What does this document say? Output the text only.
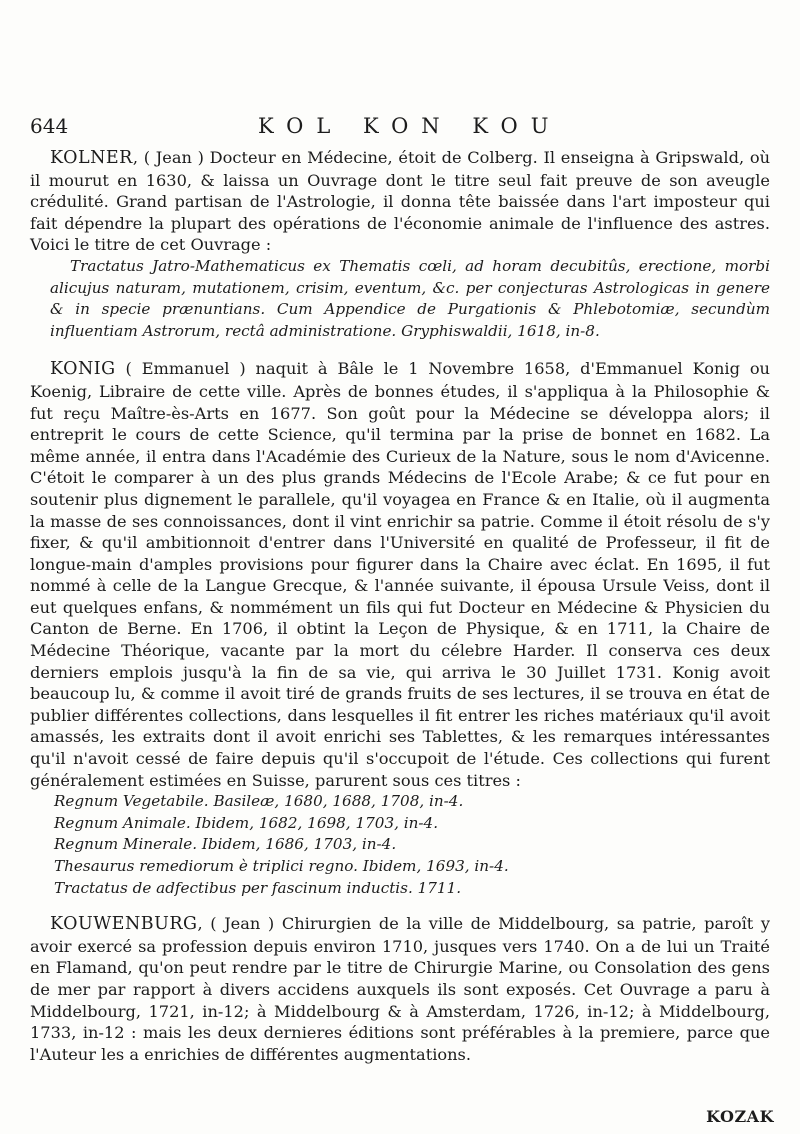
644	KOL KON KOU

KOLNER, ( Jean ) Docteur en Médecine, étoit de Colberg. Il enseigna à Gripswald, où il mourut en 1630, & laissa un Ouvrage dont le titre seul fait preuve de son aveugle crédulité. Grand partisan de l'Astrologie, il donna tête baissée dans l'art imposteur qui fait dépendre la plupart des opérations de l'économie animale de l'influence des astres. Voici le titre de cet Ouvrage :

Tractatus Jatro-Mathematicus ex Thematis cœli, ad horam decubitûs, erectione, morbi alicujus naturam, mutationem, crisim, eventum, &c. per conjecturas Astrologicas in genere & in specie prænuntians. Cum Appendice de Purgationis & Phlebotomiæ, secundùm influentiam Astrorum, rectâ administratione. Gryphiswaldii, 1618, in-8.

KONIG ( Emmanuel ) naquit à Bâle le 1 Novembre 1658, d'Emmanuel Konig ou Koenig, Libraire de cette ville. Après de bonnes études, il s'appliqua à la Philosophie & fut reçu Maître-ès-Arts en 1677. Son goût pour la Médecine se développa alors; il entreprit le cours de cette Science, qu'il termina par la prise de bonnet en 1682. La même année, il entra dans l'Académie des Curieux de la Nature, sous le nom d'Avicenne. C'étoit le comparer à un des plus grands Médecins de l'Ecole Arabe; & ce fut pour en soutenir plus dignement le parallele, qu'il voyagea en France & en Italie, où il augmenta la masse de ses connoissances, dont il vint enrichir sa patrie. Comme il étoit résolu de s'y fixer, & qu'il ambitionnoit d'entrer dans l'Université en qualité de Professeur, il fit de longue-main d'amples provisions pour figurer dans la Chaire avec éclat. En 1695, il fut nommé à celle de la Langue Grecque, & l'année suivante, il épousa Ursule Veiss, dont il eut quelques enfans, & nommément un fils qui fut Docteur en Médecine & Physicien du Canton de Berne. En 1706, il obtint la Leçon de Physique, & en 1711, la Chaire de Médecine Théorique, vacante par la mort du célebre Harder. Il conserva ces deux derniers emplois jusqu'à la fin de sa vie, qui arriva le 30 Juillet 1731. Konig avoit beaucoup lu, & comme il avoit tiré de grands fruits de ses lectures, il se trouva en état de publier différentes collections, dans lesquelles il fit entrer les riches matériaux qu'il avoit amassés, les extraits dont il avoit enrichi ses Tablettes, & les remarques intéressantes qu'il n'avoit cessé de faire depuis qu'il s'occupoit de l'étude. Ces collections qui furent généralement estimées en Suisse, parurent sous ces titres :

Regnum Vegetabile. Basileæ, 1680, 1688, 1708, in-4.
Regnum Animale. Ibidem, 1682, 1698, 1703, in-4.
Regnum Minerale. Ibidem, 1686, 1703, in-4.
Thesaurus remediorum è triplici regno. Ibidem, 1693, in-4.
Tractatus de adfectibus per fascinum inductis. 1711.

KOUWENBURG, ( Jean ) Chirurgien de la ville de Middelbourg, sa patrie, paroît y avoir exercé sa profession depuis environ 1710, jusques vers 1740. On a de lui un Traité en Flamand, qu'on peut rendre par le titre de Chirurgie Marine, ou Consolation des gens de mer par rapport à divers accidens auxquels ils sont exposés. Cet Ouvrage a paru à Middelbourg, 1721, in-12; à Middelbourg & à Amsterdam, 1726, in-12; à Middelbourg, 1733, in-12 : mais les deux dernieres éditions sont préférables à la premiere, parce que l'Auteur les a enrichies de différentes augmentations.

KOZAK
